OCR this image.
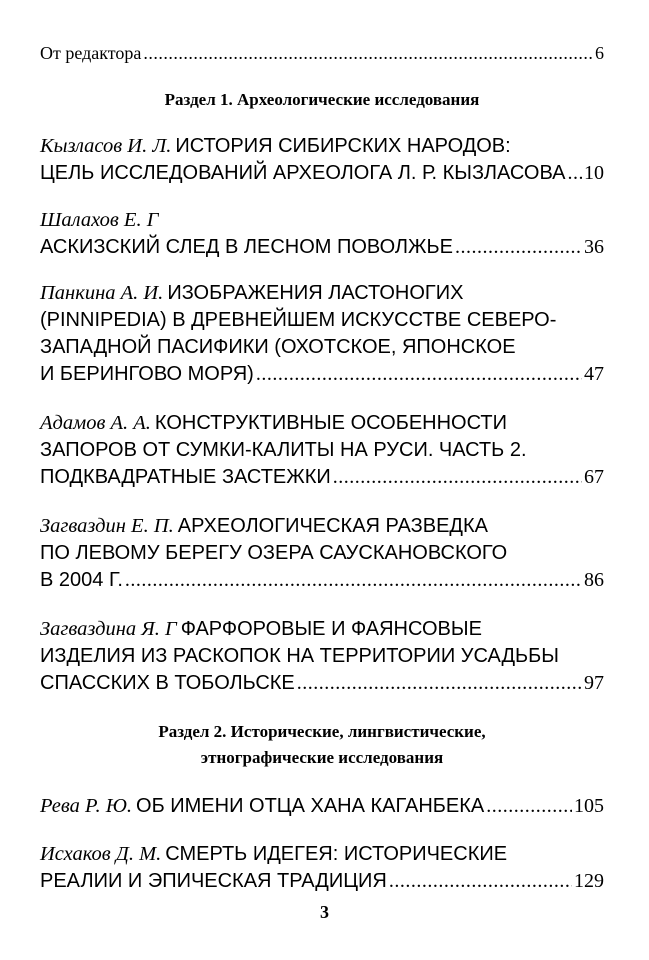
От редактора .....	6
Раздел 1. Археологические исследования
Кызласов И. Л. ИСТОРИЯ СИБИРСКИХ НАРОДОВ:
ЦЕЛЬ ИССЛЕДОВАНИЙ АРХЕОЛОГА Л. Р. КЫЗЛАСОВА ..... 10
Шалахов Е. Г
АСКИЗСКИЙ СЛЕД В ЛЕСНОМ ПОВОЛЖЬЕ .....	36
Панкина А. И. ИЗОБРАЖЕНИЯ ЛАСТОНОГИХ
(PINNIPEDIA) В ДРЕВНЕЙШЕМ ИСКУССТВЕ СЕВЕРО-
ЗАПАДНОЙ ПАСИФИКИ (ОХОТСКОЕ, ЯПОНСКОЕ
И БЕРИНГОВО МОРЯ) .....	47
Адамов А. А. КОНСТРУКТИВНЫЕ ОСОБЕННОСТИ
ЗАПОРОВ ОТ СУМКИ-КАЛИТЫ НА РУСИ. ЧАСТЬ 2.
ПОДКВАДРАТНЫЕ ЗАСТЕЖКИ .....	67
Загваздин Е. П. АРХЕОЛОГИЧЕСКАЯ РАЗВЕДКА
ПО ЛЕВОМУ БЕРЕГУ ОЗЕРА САУСКАНОВСКОГО
В 2004 Г. .....	86
Загваздина Я. Г ФАРФОРОВЫЕ И ФАЯНСОВЫЕ
ИЗДЕЛИЯ ИЗ РАСКОПОК НА ТЕРРИТОРИИ УСАДЬБЫ
СПАССКИХ В ТОБОЛЬСКЕ .....	97
Раздел 2. Исторические, лингвистические,
этнографические исследования
Рева Р. Ю. ОБ ИМЕНИ ОТЦА ХАНА КАГАНБЕКА .....	105
Исхаков Д. М. СМЕРТЬ ИДЕГЕЯ: ИСТОРИЧЕСКИЕ
РЕАЛИИ И ЭПИЧЕСКАЯ ТРАДИЦИЯ .....	129
3
